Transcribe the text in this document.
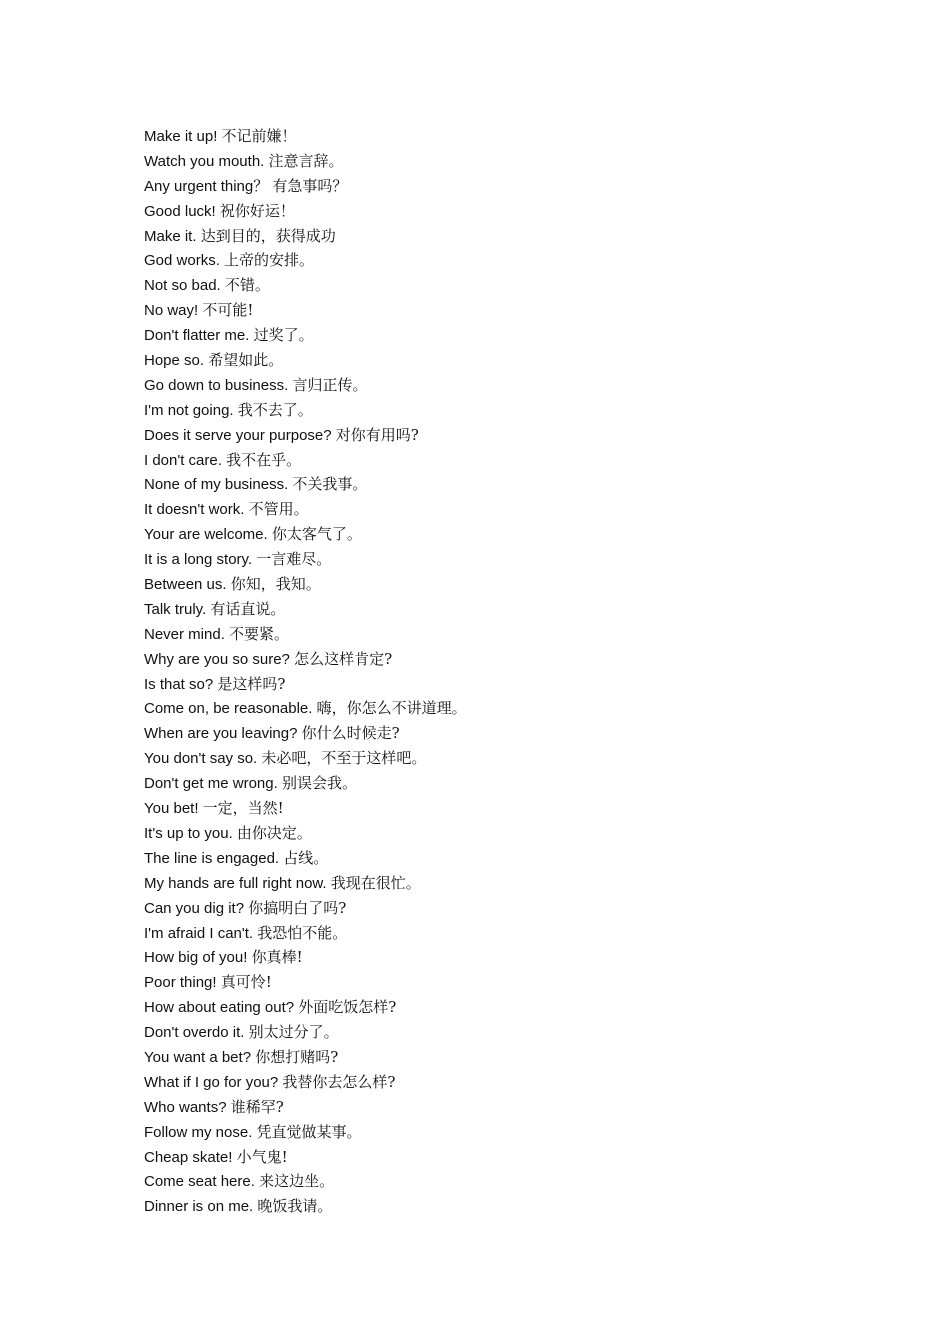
Make it up! 不记前嫌！
Watch you mouth. 注意言辞。
Any urgent thing？ 有急事吗？
Good luck! 祝你好运！
Make it. 达到目的，获得成功
God works. 上帝的安排。
Not so bad. 不错。
No way! 不可能!
Don't flatter me. 过奖了。
Hope so. 希望如此。
Go down to business. 言归正传。
I'm not going. 我不去了。
Does it serve your purpose? 对你有用吗?
I don't care. 我不在乎。
None of my business. 不关我事。
It doesn't work. 不管用。
Your are welcome. 你太客气了。
It is a long story. 一言难尽。
Between us. 你知，我知。
Talk truly. 有话直说。
Never mind. 不要紧。
Why are you so sure? 怎么这样肯定?
Is that so? 是这样吗?
Come on, be reasonable. 嗨，你怎么不讲道理。
When are you leaving? 你什么时候走?
You don't say so. 未必吧，不至于这样吧。
Don't get me wrong. 别误会我。
You bet! 一定，当然!
It's up to you. 由你决定。
The line is engaged. 占线。
My hands are full right now. 我现在很忙。
Can you dig it? 你搞明白了吗?
I'm afraid I can't. 我恐怕不能。
How big of you! 你真棒!
Poor thing! 真可怜!
How about eating out? 外面吃饭怎样?
Don't overdo it. 别太过分了。
You want a bet? 你想打赌吗?
What if I go for you? 我替你去怎么样?
Who wants? 谁稀罕?
Follow my nose. 凭直觉做某事。
Cheap skate! 小气鬼!
Come seat here. 来这边坐。
Dinner is on me. 晚饭我请。
